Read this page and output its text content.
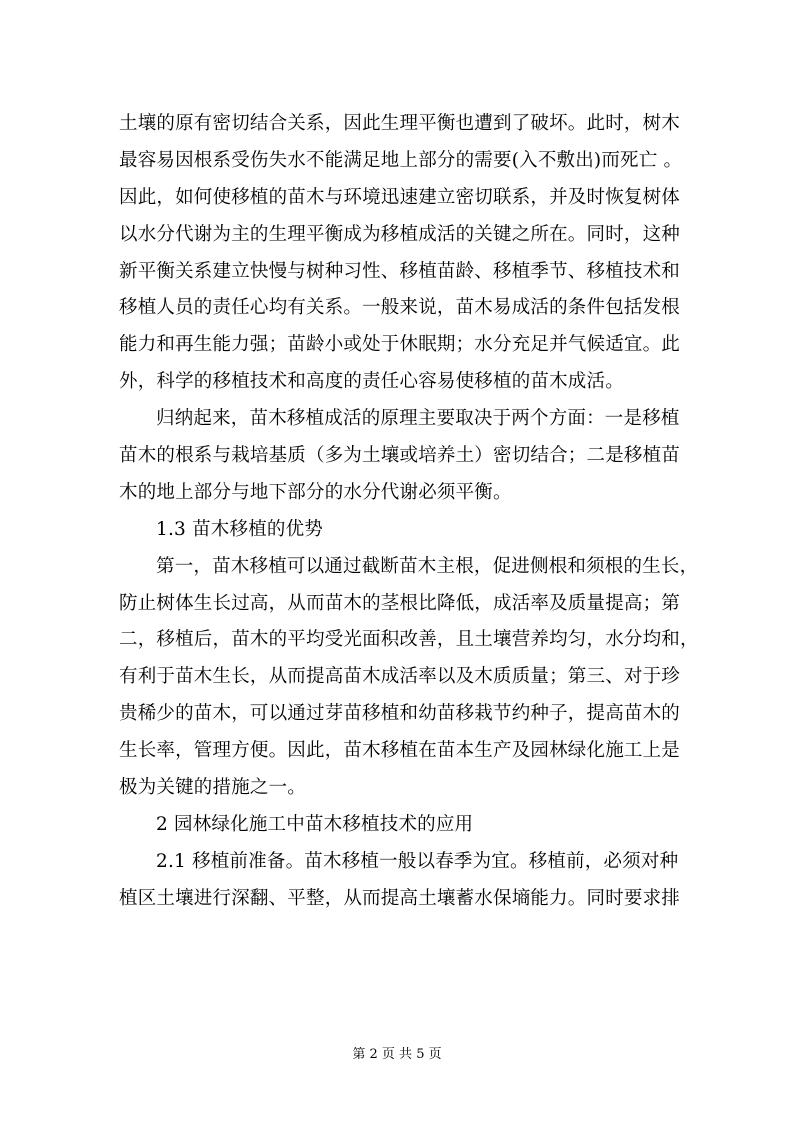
土壤的原有密切结合关系，因此生理平衡也遭到了破坏。此时，树木
最容易因根系受伤失水不能满足地上部分的需要(入不敷出)而死亡 。
因此，如何使移植的苗木与环境迅速建立密切联系，并及时恢复树体
以水分代谢为主的生理平衡成为移植成活的关键之所在。同时，这种
新平衡关系建立快慢与树种习性、移植苗龄、移植季节、移植技术和
移植人员的责任心均有关系。一般来说，苗木易成活的条件包括发根
能力和再生能力强；苗龄小或处于休眠期；水分充足并气候适宜。此
外，科学的移植技术和高度的责任心容易使移植的苗木成活。
归纳起来，苗木移植成活的原理主要取决于两个方面：一是移植
苗木的根系与栽培基质（多为土壤或培养土）密切结合；二是移植苗
木的地上部分与地下部分的水分代谢必须平衡。
1.3 苗木移植的优势
第一，苗木移植可以通过截断苗木主根，促进侧根和须根的生长，
防止树体生长过高，从而苗木的茎根比降低，成活率及质量提高；第
二，移植后，苗木的平均受光面积改善，且土壤营养均匀，水分均和，
有利于苗木生长，从而提高苗木成活率以及木质质量；第三、对于珍
贵稀少的苗木，可以通过芽苗移植和幼苗移栽节约种子，提高苗木的
生长率，管理方便。因此，苗木移植在苗本生产及园林绿化施工上是
极为关键的措施之一。
2 园林绿化施工中苗木移植技术的应用
2.1 移植前准备。苗木移植一般以春季为宜。移植前，必须对种
植区土壤进行深翻、平整，从而提高土壤蓄水保墒能力。同时要求排
第 2 页 共 5 页
